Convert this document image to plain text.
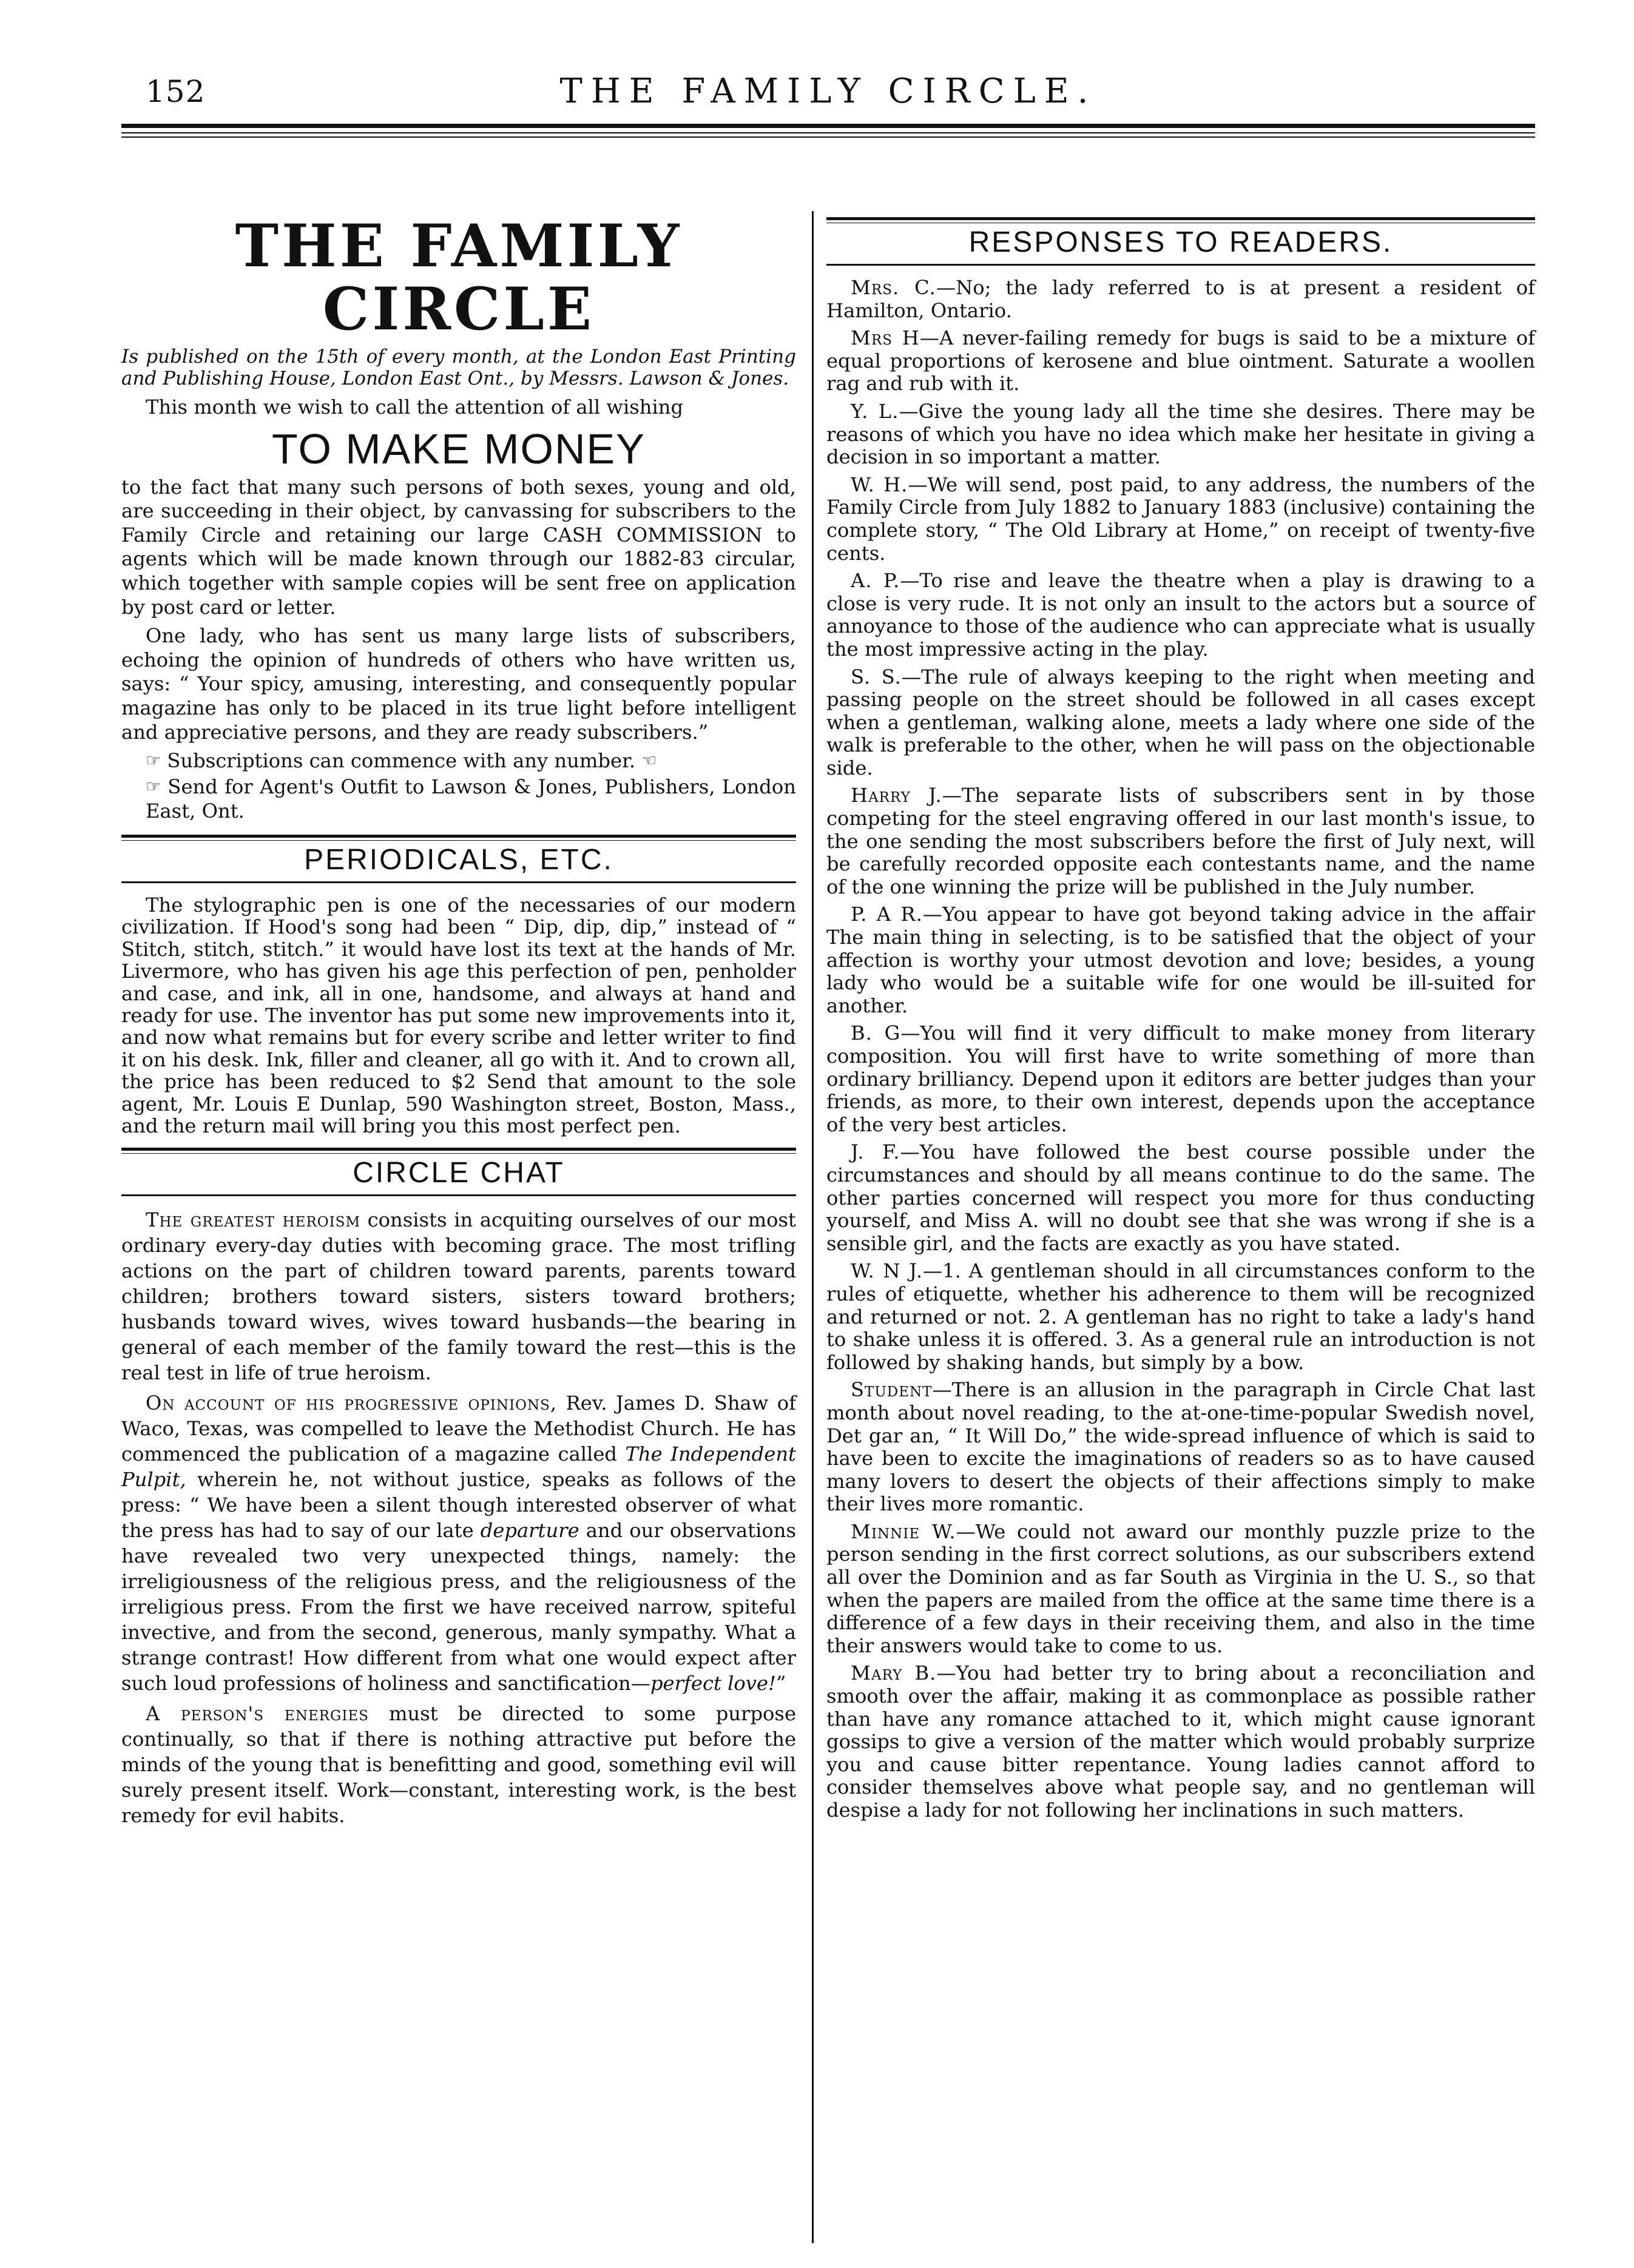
152	THE FAMILY CIRCLE.
THE FAMILY CIRCLE

Is published on the 15th of every month, at the London East Printing and Publishing House, London East Ont., by Messrs. Lawson & Jones.

This month we wish to call the attention of all wishing

TO MAKE MONEY

to the fact that many such persons of both sexes, young and old, are succeeding in their object, by canvassing for subscribers to the Family Circle and retaining our large CASH COMMISSION to agents which will be made known through our 1882-83 circular, which together with sample copies will be sent free on application by post card or letter.

One lady, who has sent us many large lists of subscribers, echoing the opinion of hundreds of others who have written us, says: “ Your spicy, amusing, interesting, and consequently popular magazine has only to be placed in its true light before intelligent and appreciative persons, and they are ready subscribers.”

☞ Subscriptions can commence with any number. ☜

☞ Send for Agent's Outfit to Lawson & Jones, Publishers, London East, Ont.

PERIODICALS, ETC.

The stylographic pen is one of the necessaries of our modern civilization. If Hood's song had been “ Dip, dip, dip,” instead of “ Stitch, stitch, stitch.” it would have lost its text at the hands of Mr. Livermore, who has given his age this perfection of pen, penholder and case, and ink, all in one, handsome, and always at hand and ready for use. The inventor has put some new improvements into it, and now what remains but for every scribe and letter writer to find it on his desk. Ink, filler and cleaner, all go with it. And to crown all, the price has been reduced to $2 Send that amount to the sole agent, Mr. Louis E Dunlap, 590 Washington street, Boston, Mass., and the return mail will bring you this most perfect pen.

CIRCLE CHAT

The greatest heroism consists in acquiting ourselves of our most ordinary every-day duties with becoming grace. The most trifling actions on the part of children toward parents, parents toward children; brothers toward sisters, sisters toward brothers; husbands toward wives, wives toward husbands—the bearing in general of each member of the family toward the rest—this is the real test in life of true heroism.

On account of his progressive opinions, Rev. James D. Shaw of Waco, Texas, was compelled to leave the Methodist Church. He has commenced the publication of a magazine called The Independent Pulpit, wherein he, not without justice, speaks as follows of the press: “ We have been a silent though interested observer of what the press has had to say of our late departure and our observations have revealed two very unexpected things, namely: the irreligiousness of the religious press, and the religiousness of the irreligious press. From the first we have received narrow, spiteful invective, and from the second, generous, manly sympathy. What a strange contrast! How different from what one would expect after such loud professions of holiness and sanctification—perfect love!”

A person's energies must be directed to some purpose continually, so that if there is nothing attractive put before the minds of the young that is benefitting and good, something evil will surely present itself. Work—constant, interesting work, is the best remedy for evil habits.

RESPONSES TO READERS.

Mrs. C.—No; the lady referred to is at present a resident of Hamilton, Ontario.

Mrs H—A never-failing remedy for bugs is said to be a mixture of equal proportions of kerosene and blue ointment. Saturate a woollen rag and rub with it.

Y. L.—Give the young lady all the time she desires. There may be reasons of which you have no idea which make her hesitate in giving a decision in so important a matter.

W. H.—We will send, post paid, to any address, the numbers of the Family Circle from July 1882 to January 1883 (inclusive) containing the complete story, “ The Old Library at Home,” on receipt of twenty-five cents.

A. P.—To rise and leave the theatre when a play is drawing to a close is very rude. It is not only an insult to the actors but a source of annoyance to those of the audience who can appreciate what is usually the most impressive acting in the play.

S. S.—The rule of always keeping to the right when meeting and passing people on the street should be followed in all cases except when a gentleman, walking alone, meets a lady where one side of the walk is preferable to the other, when he will pass on the objectionable side.

Harry J.—The separate lists of subscribers sent in by those competing for the steel engraving offered in our last month's issue, to the one sending the most subscribers before the first of July next, will be carefully recorded opposite each contestants name, and the name of the one winning the prize will be published in the July number.

P. A R.—You appear to have got beyond taking advice in the affair The main thing in selecting, is to be satisfied that the object of your affection is worthy your utmost devotion and love; besides, a young lady who would be a suitable wife for one would be ill-suited for another.

B. G—You will find it very difficult to make money from literary composition. You will first have to write something of more than ordinary brilliancy. Depend upon it editors are better judges than your friends, as more, to their own interest, depends upon the acceptance of the very best articles.

J. F.—You have followed the best course possible under the circumstances and should by all means continue to do the same. The other parties concerned will respect you more for thus conducting yourself, and Miss A. will no doubt see that she was wrong if she is a sensible girl, and the facts are exactly as you have stated.

W. N J.—1. A gentleman should in all circumstances conform to the rules of etiquette, whether his adherence to them will be recognized and returned or not. 2. A gentleman has no right to take a lady's hand to shake unless it is offered. 3. As a general rule an introduction is not followed by shaking hands, but simply by a bow.

Student—There is an allusion in the paragraph in Circle Chat last month about novel reading, to the at-one-time-popular Swedish novel, Det gar an, “ It Will Do,” the wide-spread influence of which is said to have been to excite the imaginations of readers so as to have caused many lovers to desert the objects of their affections simply to make their lives more romantic.

Minnie W.—We could not award our monthly puzzle prize to the person sending in the first correct solutions, as our subscribers extend all over the Dominion and as far South as Virginia in the U. S., so that when the papers are mailed from the office at the same time there is a difference of a few days in their receiving them, and also in the time their answers would take to come to us.

Mary B.—You had better try to bring about a reconciliation and smooth over the affair, making it as commonplace as possible rather than have any romance attached to it, which might cause ignorant gossips to give a version of the matter which would probably surprize you and cause bitter repentance. Young ladies cannot afford to consider themselves above what people say, and no gentleman will despise a lady for not following her inclinations in such matters.
